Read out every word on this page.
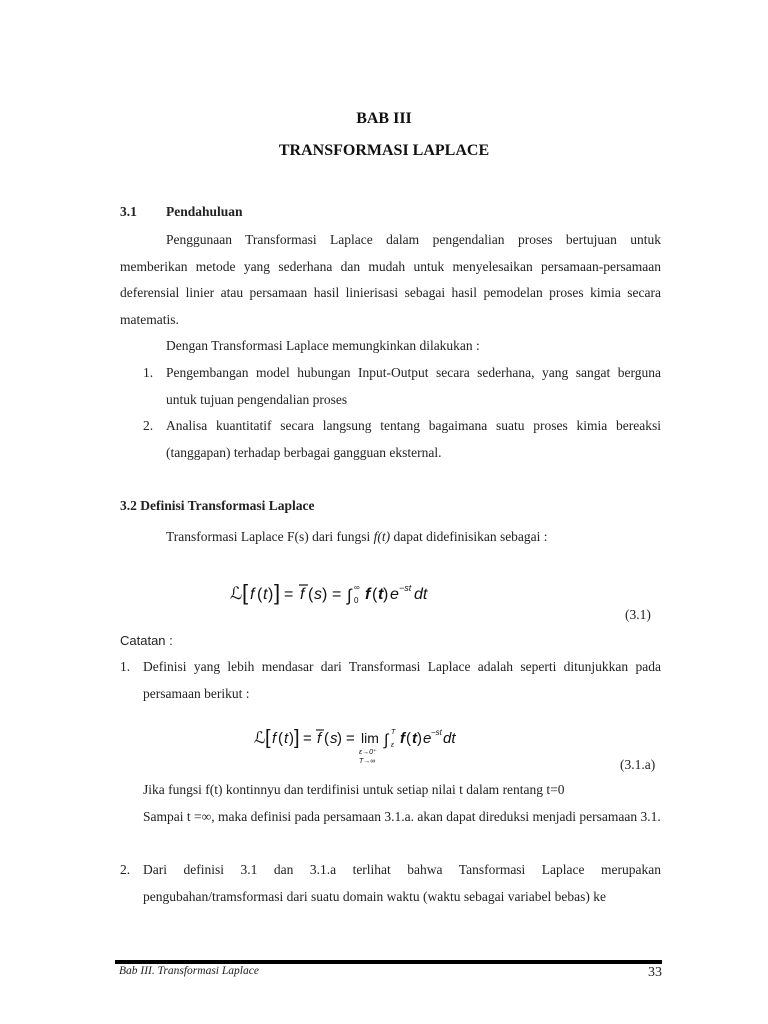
BAB III
TRANSFORMASI LAPLACE
3.1 Pendahuluan
Penggunaan Transformasi Laplace dalam pengendalian proses bertujuan untuk memberikan metode yang sederhana dan mudah untuk menyelesaikan persamaan-persamaan deferensial linier atau persamaan hasil linierisasi sebagai hasil pemodelan proses kimia secara matematis.
Dengan Transformasi Laplace memungkinkan dilakukan :
1. Pengembangan model hubungan Input-Output secara sederhana, yang sangat berguna untuk tujuan pengendalian proses
2. Analisa kuantitatif secara langsung tentang bagaimana suatu proses kimia bereaksi (tanggapan) terhadap berbagai gangguan eksternal.
3.2 Definisi Transformasi Laplace
Transformasi Laplace F(s) dari fungsi f(t) dapat didefinisikan sebagai :
ℒ [ f ( t ) ] = f ( s ) = ∫ ∞
0 f ( t ) e −st dt
(3.1)
Catatan :
1. Definisi yang lebih mendasar dari Transformasi Laplace adalah seperti ditunjukkan pada persamaan berikut :
ℒ [ f ( t ) ] = f ( s ) = lim
ε→0⁺
T→∞
∫ T
ε f ( t ) e −st dt
(3.1.a)
Jika fungsi f(t) kontinnyu dan terdifinisi untuk setiap nilai t dalam rentang t=0
Sampai t =∞, maka definisi pada persamaan 3.1.a. akan dapat direduksi menjadi persamaan 3.1.
2. Dari definisi 3.1 dan 3.1.a terlihat bahwa Tansformasi Laplace merupakan pengubahan/tramsformasi dari suatu domain waktu (waktu sebagai variabel bebas) ke
Bab III. Transformasi Laplace	33
